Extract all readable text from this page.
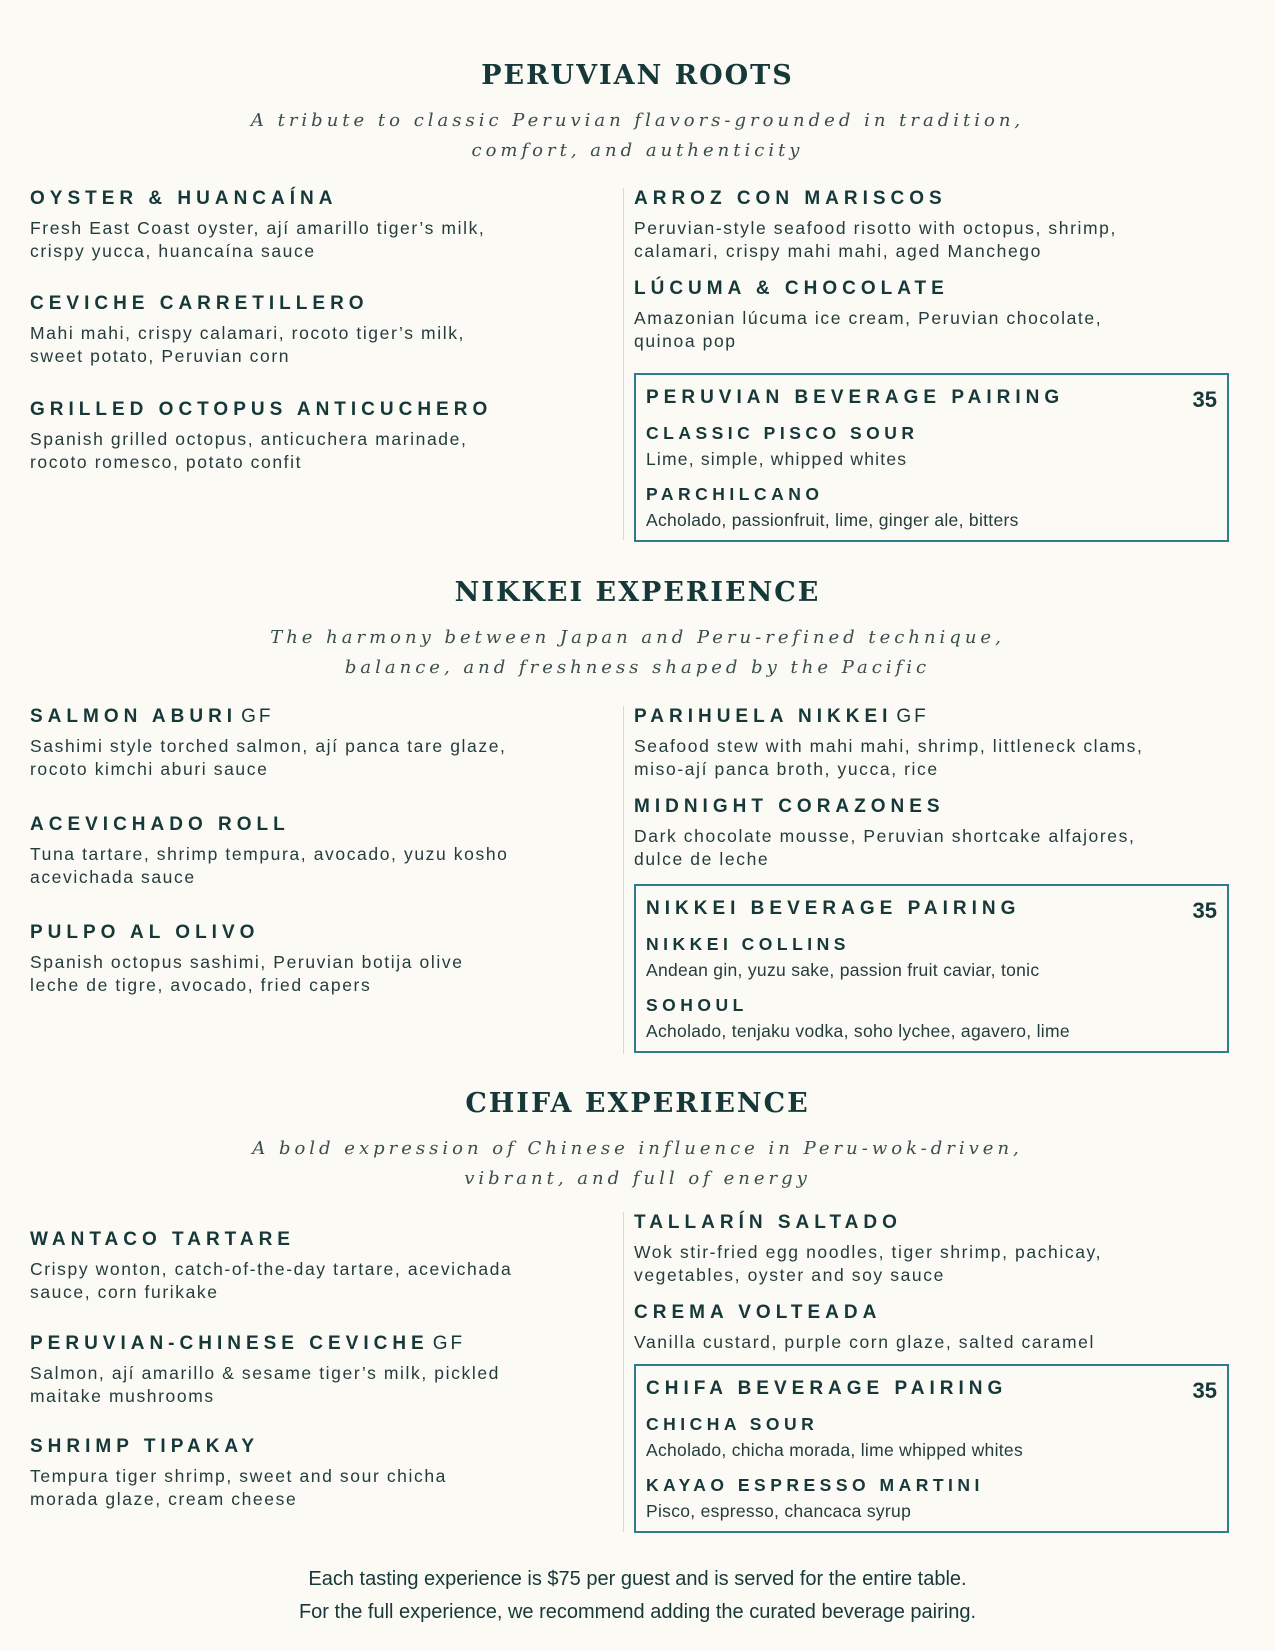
PERUVIAN ROOTS
A tribute to classic Peruvian flavors-grounded in tradition,
comfort, and authenticity
OYSTER & HUANCAÍNA
Fresh East Coast oyster, ají amarillo tiger’s milk,
crispy yucca, huancaína sauce
CEVICHE CARRETILLERO
Mahi mahi, crispy calamari, rocoto tiger’s milk,
sweet potato, Peruvian corn
GRILLED OCTOPUS ANTICUCHERO
Spanish grilled octopus, anticuchera marinade,
rocoto romesco, potato confit
ARROZ CON MARISCOS
Peruvian-style seafood risotto with octopus, shrimp,
calamari, crispy mahi mahi, aged Manchego
LÚCUMA & CHOCOLATE
Amazonian lúcuma ice cream, Peruvian chocolate,
quinoa pop
PERUVIAN BEVERAGE PAIRING	35
CLASSIC PISCO SOUR
Lime, simple, whipped whites
PARCHILCANO
Acholado, passionfruit, lime, ginger ale, bitters
NIKKEI EXPERIENCE
The harmony between Japan and Peru-refined technique,
balance, and freshness shaped by the Pacific
SALMON ABURI GF
Sashimi style torched salmon, ají panca tare glaze,
rocoto kimchi aburi sauce
ACEVICHADO ROLL
Tuna tartare, shrimp tempura, avocado, yuzu kosho
acevichada sauce
PULPO AL OLIVO
Spanish octopus sashimi, Peruvian botija olive
leche de tigre, avocado, fried capers
PARIHUELA NIKKEI GF
Seafood stew with mahi mahi, shrimp, littleneck clams,
miso-ají panca broth, yucca, rice
MIDNIGHT CORAZONES
Dark chocolate mousse, Peruvian shortcake alfajores,
dulce de leche
NIKKEI BEVERAGE PAIRING	35
NIKKEI COLLINS
Andean gin, yuzu sake, passion fruit caviar, tonic
SOHOUL
Acholado, tenjaku vodka, soho lychee, agavero, lime
CHIFA EXPERIENCE
A bold expression of Chinese influence in Peru-wok-driven,
vibrant, and full of energy
WANTACO TARTARE
Crispy wonton, catch-of-the-day tartare, acevichada
sauce, corn furikake
PERUVIAN-CHINESE CEVICHE GF
Salmon, ají amarillo & sesame tiger’s milk, pickled
maitake mushrooms
SHRIMP TIPAKAY
Tempura tiger shrimp, sweet and sour chicha
morada glaze, cream cheese
TALLARÍN SALTADO
Wok stir-fried egg noodles, tiger shrimp, pachicay,
vegetables, oyster and soy sauce
CREMA VOLTEADA
Vanilla custard, purple corn glaze, salted caramel
CHIFA BEVERAGE PAIRING	35
CHICHA SOUR
Acholado, chicha morada, lime whipped whites
KAYAO ESPRESSO MARTINI
Pisco, espresso, chancaca syrup
Each tasting experience is $75 per guest and is served for the entire table.
For the full experience, we recommend adding the curated beverage pairing.
